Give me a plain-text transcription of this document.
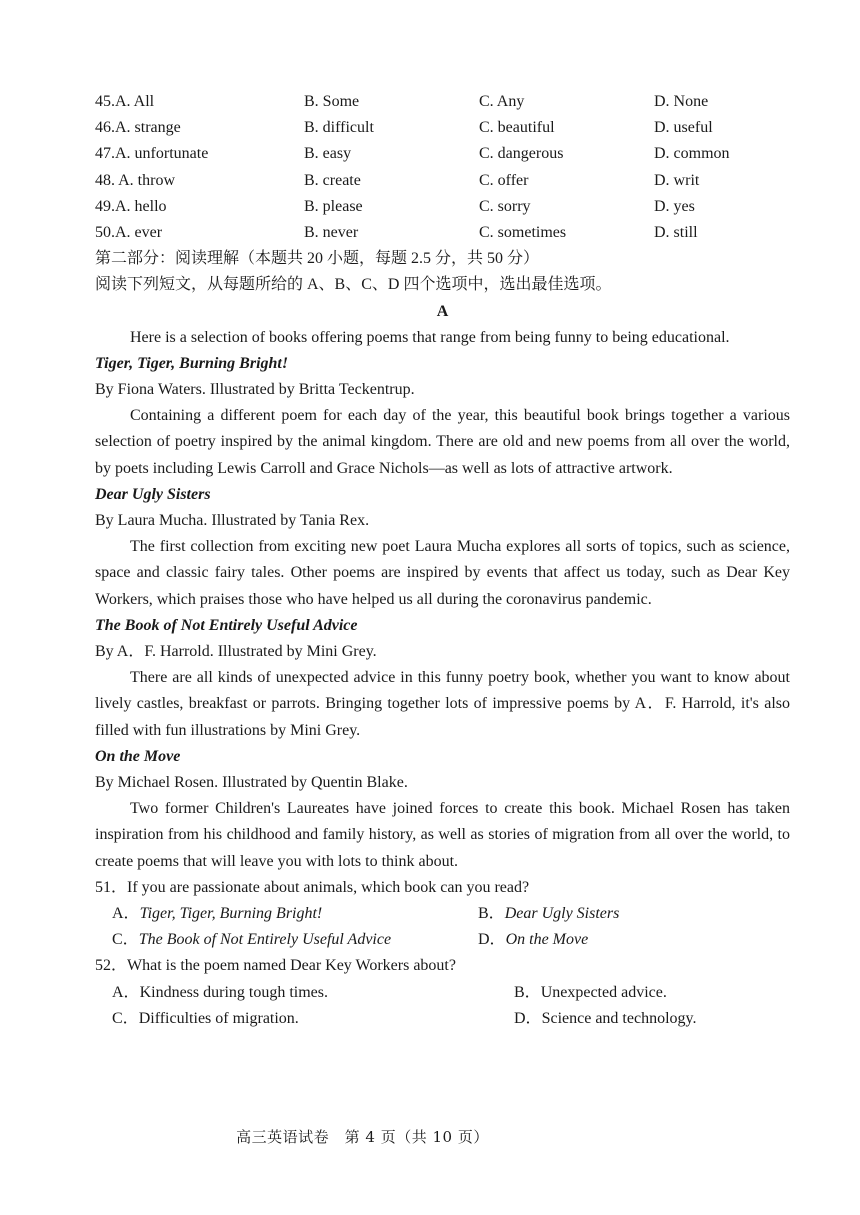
45.A. All	B. Some	C. Any	D. None
46.A. strange	B. difficult	C. beautiful	D. useful
47.A. unfortunate	B. easy	C. dangerous	D. common
48. A. throw	B. create	C. offer	D. writ
49.A. hello	B. please	C. sorry	D. yes
50.A. ever	B. never	C. sometimes	D. still
第二部分：阅读理解（本题共 20 小题，每题 2.5 分，共 50 分）
阅读下列短文，从每题所给的 A、B、C、D 四个选项中，选出最佳选项。
A

Here is a selection of books offering poems that range from being funny to being educational.

Tiger, Tiger, Burning Bright!
By Fiona Waters. Illustrated by Britta Teckentrup.

Containing a different poem for each day of the year, this beautiful book brings together a various selection of poetry inspired by the animal kingdom. There are old and new poems from all over the world, by poets including Lewis Carroll and Grace Nichols—as well as lots of attractive artwork.

Dear Ugly Sisters
By Laura Mucha. Illustrated by Tania Rex.

The first collection from exciting new poet Laura Mucha explores all sorts of topics, such as science, space and classic fairy tales. Other poems are inspired by events that affect us today, such as Dear Key Workers, which praises those who have helped us all during the coronavirus pandemic.

The Book of Not Entirely Useful Advice
By A．F. Harrold. Illustrated by Mini Grey.

There are all kinds of unexpected advice in this funny poetry book, whether you want to know about lively castles, breakfast or parrots. Bringing together lots of impressive poems by A．F. Harrold, it's also filled with fun illustrations by Mini Grey.

On the Move
By Michael Rosen. Illustrated by Quentin Blake.

Two former Children's Laureates have joined forces to create this book. Michael Rosen has taken inspiration from his childhood and family history, as well as stories of migration from all over the world, to create poems that will leave you with lots to think about.

51．If you are passionate about animals, which book can you read?
A．Tiger, Tiger, Burning Bright!	B．Dear Ugly Sisters
C．The Book of Not Entirely Useful Advice	D．On the Move
52．What is the poem named Dear Key Workers about?
A．Kindness during tough times.	B．Unexpected advice.
C．Difficulties of migration.	D．Science and technology.
高三英语试卷　第 4 页（共 10 页）
